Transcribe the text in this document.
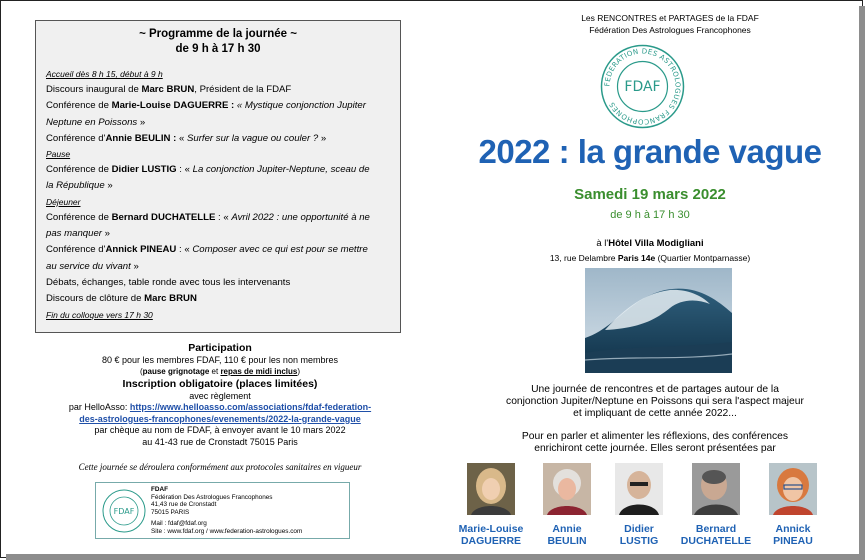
~ Programme de la journée ~
de 9 h à 17 h 30
Accueil dès 8 h 15, début à 9 h
Discours inaugural de Marc BRUN, Président de la FDAF
Conférence de Marie-Louise DAGUERRE : « Mystique conjonction Jupiter
Neptune en Poissons »
Conférence d'Annie BEULIN : « Surfer sur la vague ou couler ? »
Pause
Conférence de Didier LUSTIG : « La conjonction Jupiter-Neptune, sceau de
la République »
Déjeuner
Conférence de Bernard DUCHATELLE : « Avril 2022 : une opportunité à ne
pas manquer »
Conférence d'Annick PINEAU : « Composer avec ce qui est pour se mettre
au service du vivant »
Débats, échanges, table ronde avec tous les intervenants
Discours de clôture de Marc BRUN
Fin du colloque vers 17 h 30
Participation
80 € pour les membres FDAF, 110 € pour les non membres
(pause grignotage et repas de midi inclus)
Inscription obligatoire (places limitées)
avec règlement
par HelloAsso: https://www.helloasso.com/associations/fdaf-federation-
des-astrologues-francophones/evenements/2022-la-grande-vague
par chèque au nom de FDAF, à envoyer avant le 10 mars 2022
au 41-43 rue de Cronstadt 75015 Paris
Cette journée se déroulera conformément aux protocoles sanitaires en vigueur
FDAF
FDAF
Fédération Des Astrologues Francophones
41,43 rue de Cronstadt
75015 PARIS
Mail : fdaf@fdaf.org
Site : www.fdaf.org / www.federation-astrologues.com
Les RENCONTRES et PARTAGES de la FDAF
Fédération Des Astrologues Francophones
FEDERATION DES ASTROLOGUES FRANCOPHONES
FDAF
2022 : la grande vague
Samedi 19 mars 2022
de 9 h à 17 h 30
à l'Hôtel Villa Modigliani
13, rue Delambre Paris 14e (Quartier Montparnasse)
Une journée de rencontres et de partages autour de la
conjonction Jupiter/Neptune en Poissons qui sera l'aspect majeur
et impliquant de cette année 2022...
Pour en parler et alimenter les réflexions, des conférences
enrichiront cette journée. Elles seront présentées par
Marie-Louise
DAGUERRE
Annie
BEULIN
Didier
LUSTIG
Bernard
DUCHATELLE
Annick
PINEAU
